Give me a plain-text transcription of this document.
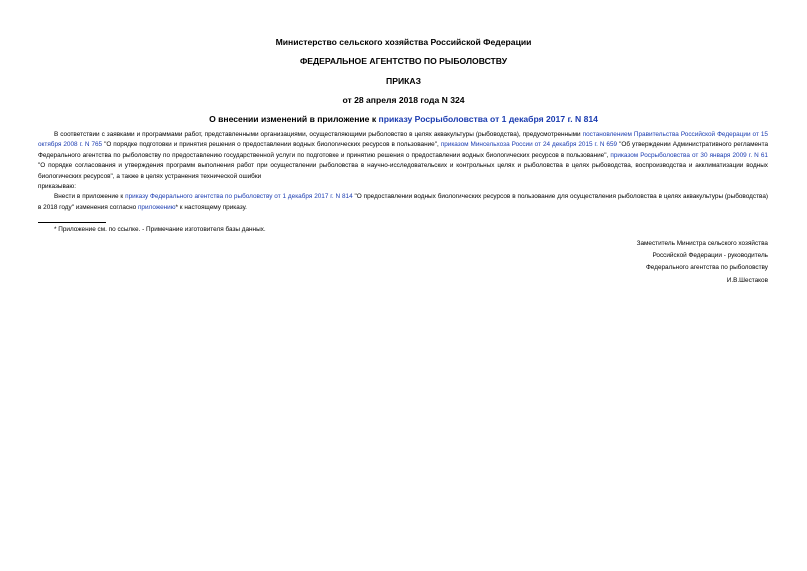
Министерство сельского хозяйства Российской Федерации
ФЕДЕРАЛЬНОЕ АГЕНТСТВО ПО РЫБОЛОВСТВУ
ПРИКАЗ
от 28 апреля 2018 года N 324
О внесении изменений в приложение к приказу Росрыболовства от 1 декабря 2017 г. N 814

В соответствии с заявками и программами работ, представленными организациями, осуществляющими рыболовство в целях аквакультуры (рыбоводства), предусмотренными постановлением Правительства Российской Федерации от 15 октября 2008 г. N 765 "О порядке подготовки и принятия решения о предоставлении водных биологических ресурсов в пользование", приказом Минсельхоза России от 24 декабря 2015 г. N 659 "Об утверждении Административного регламента Федерального агентства по рыболовству по предоставлению государственной услуги по подготовке и принятию решения о предоставлении водных биологических ресурсов в пользование", приказом Росрыболовства от 30 января 2009 г. N 61 "О порядке согласования и утверждения программ выполнения работ при осуществлении рыболовства в научно-исследовательских и контрольных целях и рыболовства в целях рыбоводства, воспроизводства и акклиматизации водных биологических ресурсов", а также в целях устранения технической ошибки

приказываю:

Внести в приложение к приказу Федерального агентства по рыболовству от 1 декабря 2017 г. N 814 "О предоставлении водных биологических ресурсов в пользование для осуществления рыболовства в целях аквакультуры (рыбоводства) в 2018 году" изменения согласно приложению* к настоящему приказу.

* Приложение см. по ссылке. - Примечание изготовителя базы данных.
Заместитель Министра сельского хозяйства
Российской Федерации - руководитель
Федерального агентства по рыболовству
И.В.Шестаков
